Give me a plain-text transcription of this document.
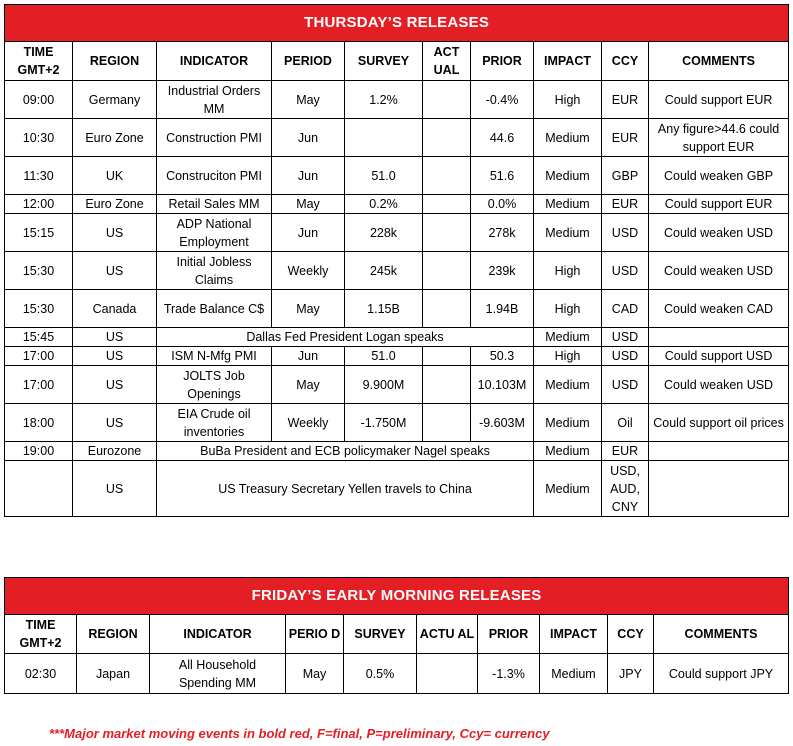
THURSDAY’S RELEASES									
TIME GMT+2	REGION	INDICATOR	PERIOD	SURVEY	ACT UAL	PRIOR	IMPACT	CCY	COMMENTS
09:00	Germany	Industrial Orders MM	May	1.2%		-0.4%	High	EUR	Could support EUR
10:30	Euro Zone	Construction PMI	Jun			44.6	Medium	EUR	Any figure>44.6 could support EUR
11:30	UK	Construciton PMI	Jun	51.0		51.6	Medium	GBP	Could weaken GBP
12:00	Euro Zone	Retail Sales MM	May	0.2%		0.0%	Medium	EUR	Could support EUR
15:15	US	ADP National Employment	Jun	228k		278k	Medium	USD	Could weaken USD
15:30	US	Initial Jobless Claims	Weekly	245k		239k	High	USD	Could weaken USD
15:30	Canada	Trade Balance C$	May	1.15B		1.94B	High	CAD	Could weaken CAD
15:45	US	Dallas Fed President Logan speaks					Medium	USD	
17:00	US	ISM N-Mfg PMI	Jun	51.0		50.3	High	USD	Could support USD
17:00	US	JOLTS Job Openings	May	9.900M		10.103M	Medium	USD	Could weaken USD
18:00	US	EIA Crude oil inventories	Weekly	-1.750M		-9.603M	Medium	Oil	Could support oil prices
19:00	Eurozone	BuBa President and ECB policymaker Nagel speaks					Medium	EUR	
	US	US Treasury Secretary Yellen travels to China					Medium	USD, AUD, CNY	
FRIDAY’S EARLY MORNING RELEASES									
TIME GMT+2	REGION	INDICATOR	PERIO D	SURVEY	ACTU AL	PRIOR	IMPACT	CCY	COMMENTS
02:30	Japan	All Household Spending MM	May	0.5%		-1.3%	Medium	JPY	Could support JPY
***Major market moving events in bold red, F=final, P=preliminary, Ccy= currency
